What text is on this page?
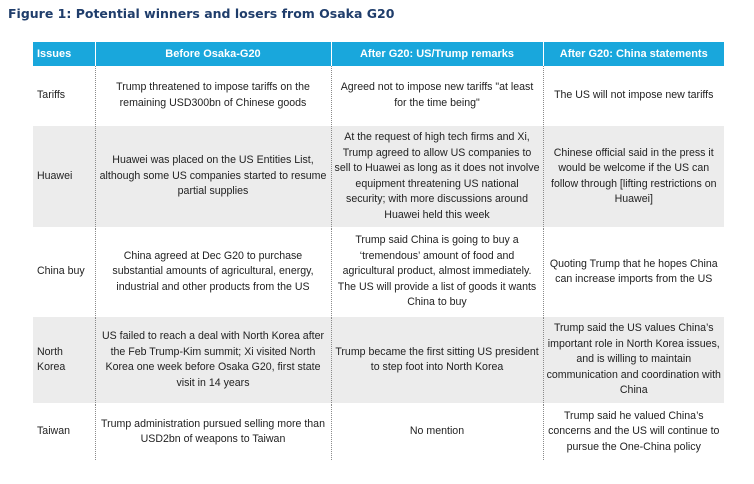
Figure 1: Potential winners and losers from Osaka G20
Issues	Before Osaka-G20	After G20: US/Trump remarks	After G20: China statements
Tariffs	Trump threatened to impose tariffs on the remaining USD300bn of Chinese goods	Agreed not to impose new tariffs "at least for the time being"	The US will not impose new tariffs
Huawei	Huawei was placed on the US Entities List, although some US companies started to resume partial supplies	At the request of high tech firms and Xi, Trump agreed to allow US companies to sell to Huawei as long as it does not involve equipment threatening US national security; with more discussions around Huawei held this week	Chinese official said in the press it would be welcome if the US can follow through [lifting restrictions on Huawei]
China buy	China agreed at Dec G20 to purchase substantial amounts of agricultural, energy, industrial and other products from the US	Trump said China is going to buy a ‘tremendous’ amount of food and agricultural product, almost immediately. The US will provide a list of goods it wants China to buy	Quoting Trump that he hopes China can increase imports from the US
North Korea	US failed to reach a deal with North Korea after the Feb Trump-Kim summit; Xi visited North Korea one week before Osaka G20, first state visit in 14 years	Trump became the first sitting US president to step foot into North Korea	Trump said the US values China’s important role in North Korea issues, and is willing to maintain communication and coordination with China
Taiwan	Trump administration pursued selling more than USD2bn of weapons to Taiwan	No mention	Trump said he valued China’s concerns and the US will continue to pursue the One-China policy
